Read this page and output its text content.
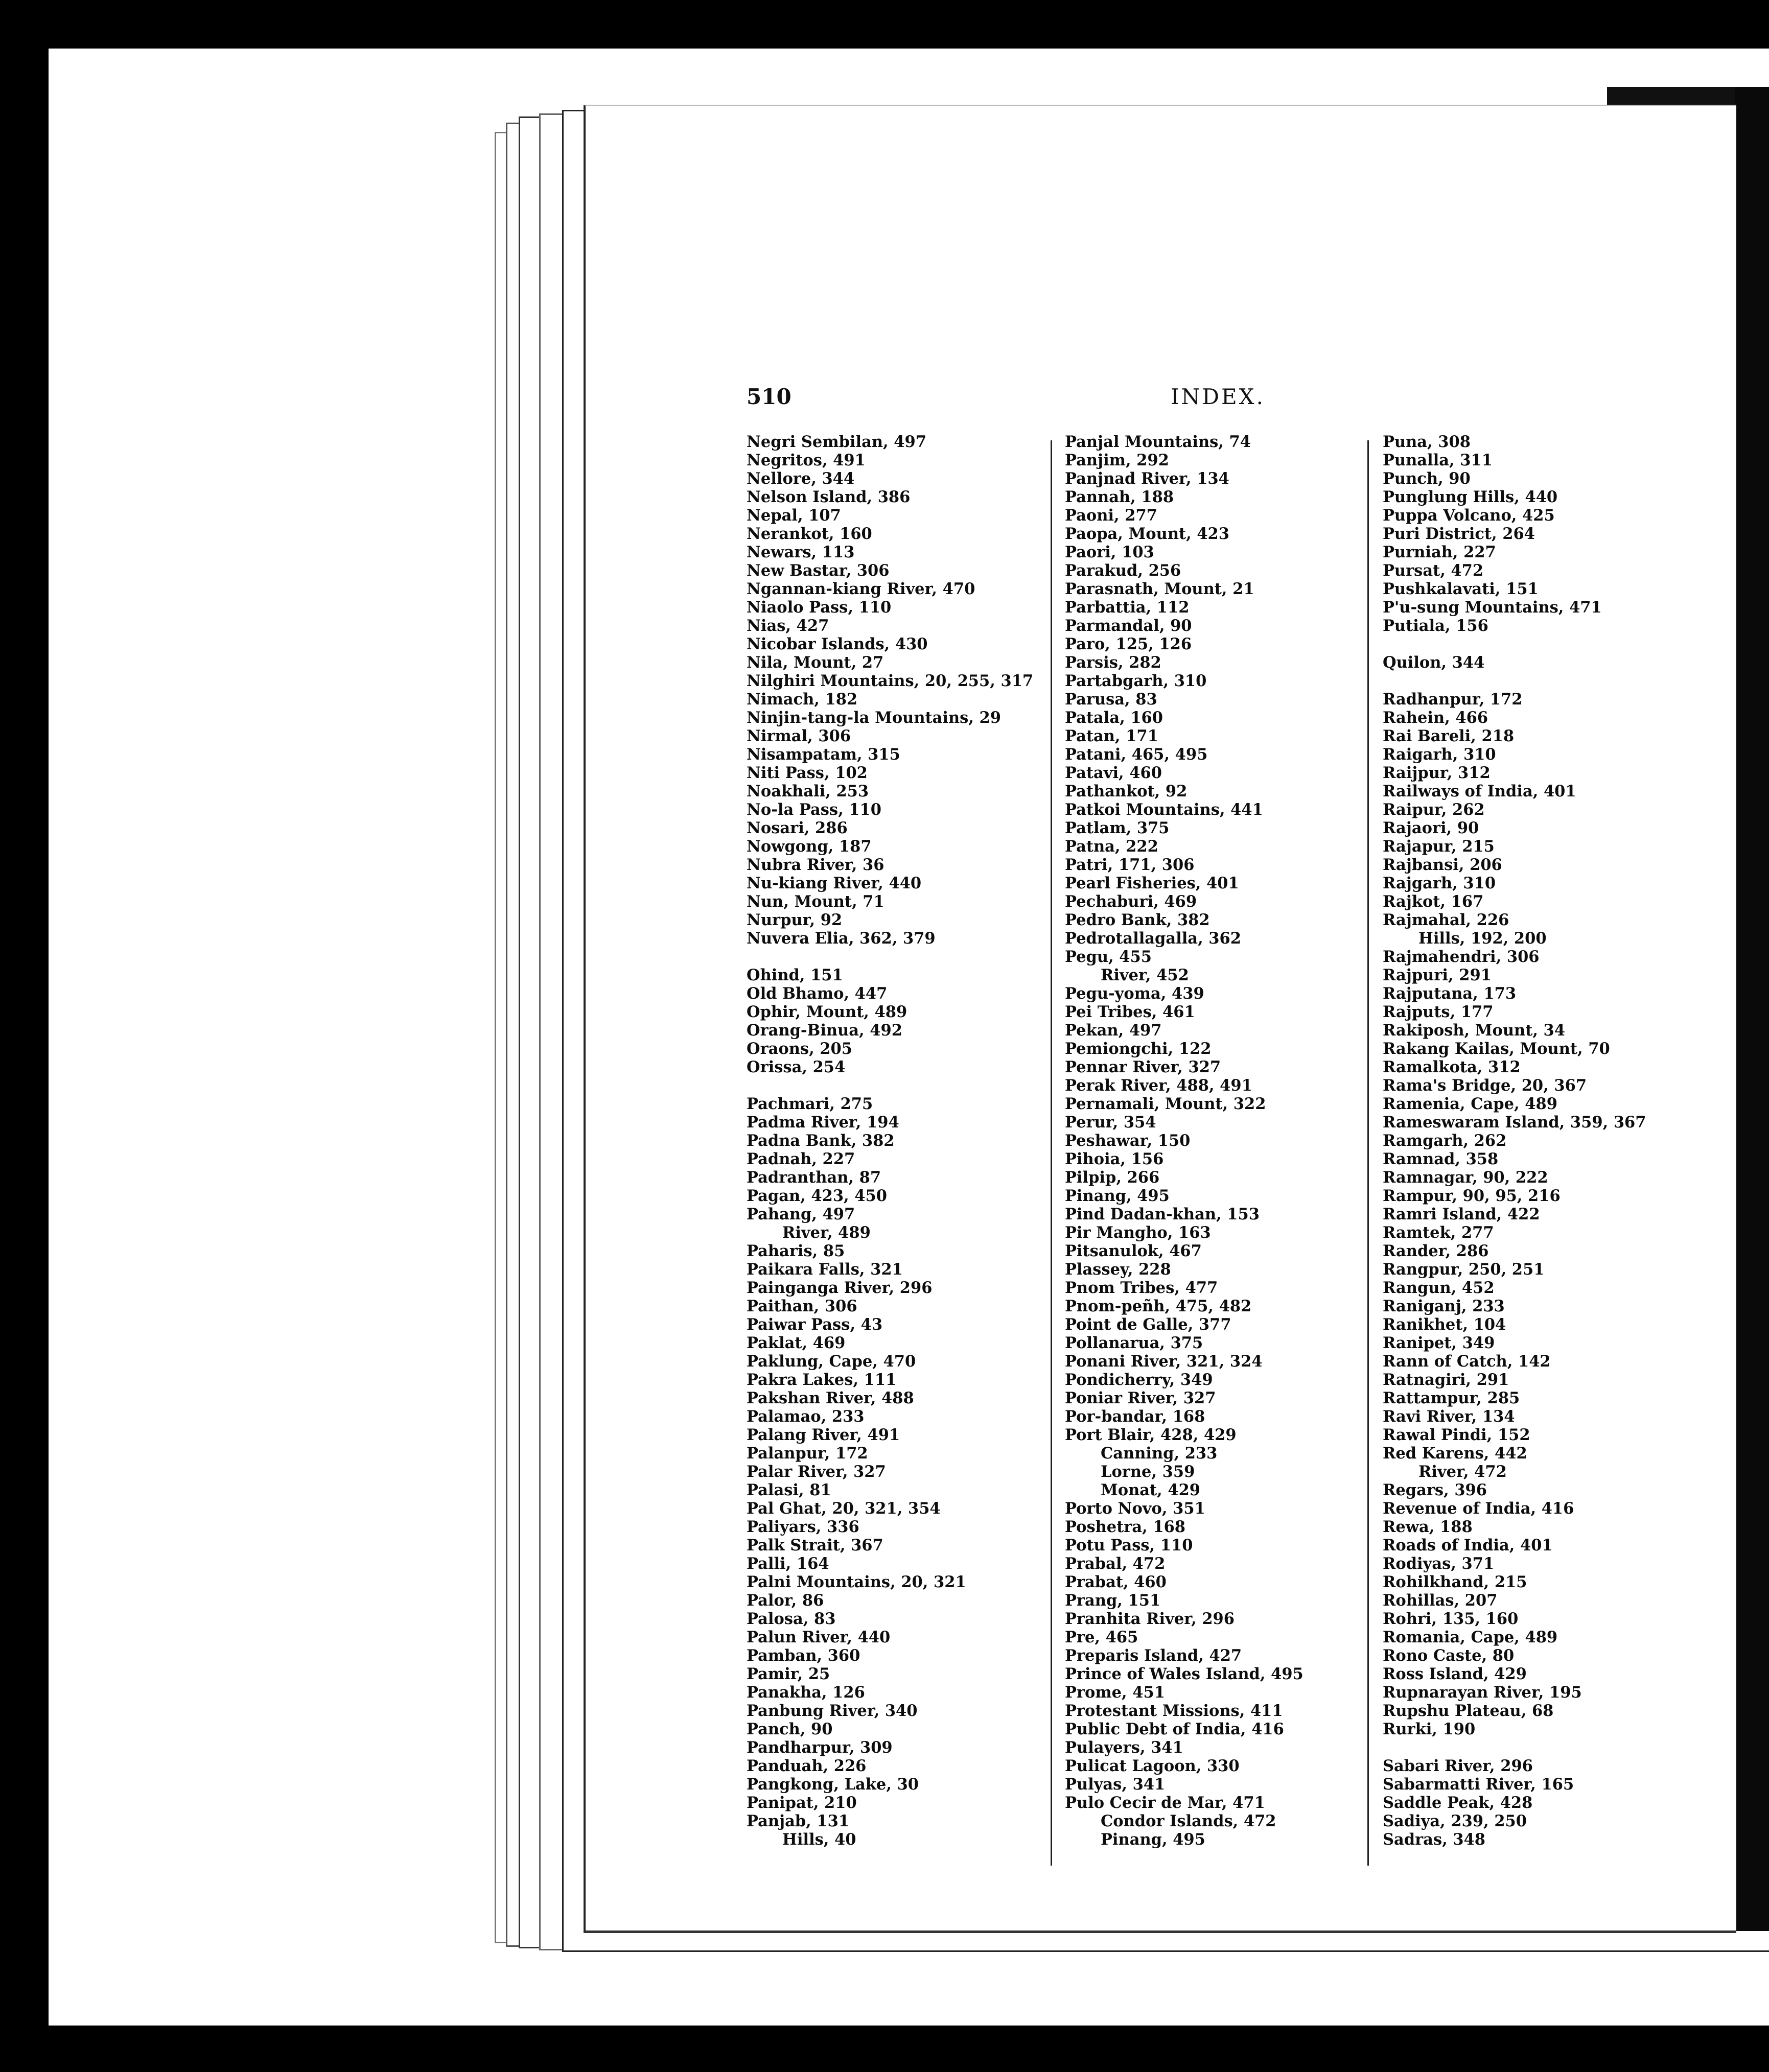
510	INDEX.
Negri Sembilan, 497
Negritos, 491
Nellore, 344
Nelson Island, 386
Nepal, 107
Nerankot, 160
Newars, 113
New Bastar, 306
Ngannan-kiang River, 470
Niaolo Pass, 110
Nias, 427
Nicobar Islands, 430
Nila, Mount, 27
Nilghiri Mountains, 20, 255, 317
Nimach, 182
Ninjin-tang-la Mountains, 29
Nirmal, 306
Nisampatam, 315
Niti Pass, 102
Noakhali, 253
No-la Pass, 110
Nosari, 286
Nowgong, 187
Nubra River, 36
Nu-kiang River, 440
Nun, Mount, 71
Nurpur, 92
Nuvera Elia, 362, 379
Ohind, 151
Old Bhamo, 447
Ophir, Mount, 489
Orang-Binua, 492
Oraons, 205
Orissa, 254
Pachmari, 275
Padma River, 194
Padna Bank, 382
Padnah, 227
Padranthan, 87
Pagan, 423, 450
Pahang, 497
River, 489
Paharis, 85
Paikara Falls, 321
Painganga River, 296
Paithan, 306
Paiwar Pass, 43
Paklat, 469
Paklung, Cape, 470
Pakra Lakes, 111
Pakshan River, 488
Palamao, 233
Palang River, 491
Palanpur, 172
Palar River, 327
Palasi, 81
Pal Ghat, 20, 321, 354
Paliyars, 336
Palk Strait, 367
Palli, 164
Palni Mountains, 20, 321
Palor, 86
Palosa, 83
Palun River, 440
Pamban, 360
Pamir, 25
Panakha, 126
Panbung River, 340
Panch, 90
Pandharpur, 309
Panduah, 226
Pangkong, Lake, 30
Panipat, 210
Panjab, 131
Hills, 40
Panjal Mountains, 74
Panjim, 292
Panjnad River, 134
Pannah, 188
Paoni, 277
Paopa, Mount, 423
Paori, 103
Parakud, 256
Parasnath, Mount, 21
Parbattia, 112
Parmandal, 90
Paro, 125, 126
Parsis, 282
Partabgarh, 310
Parusa, 83
Patala, 160
Patan, 171
Patani, 465, 495
Patavi, 460
Pathankot, 92
Patkoi Mountains, 441
Patlam, 375
Patna, 222
Patri, 171, 306
Pearl Fisheries, 401
Pechaburi, 469
Pedro Bank, 382
Pedrotallagalla, 362
Pegu, 455
River, 452
Pegu-yoma, 439
Pei Tribes, 461
Pekan, 497
Pemiongchi, 122
Pennar River, 327
Perak River, 488, 491
Pernamali, Mount, 322
Perur, 354
Peshawar, 150
Pihoia, 156
Pilpip, 266
Pinang, 495
Pind Dadan-khan, 153
Pir Mangho, 163
Pitsanulok, 467
Plassey, 228
Pnom Tribes, 477
Pnom-peñh, 475, 482
Point de Galle, 377
Pollanarua, 375
Ponani River, 321, 324
Pondicherry, 349
Poniar River, 327
Por-bandar, 168
Port Blair, 428, 429
Canning, 233
Lorne, 359
Monat, 429
Porto Novo, 351
Poshetra, 168
Potu Pass, 110
Prabal, 472
Prabat, 460
Prang, 151
Pranhita River, 296
Pre, 465
Preparis Island, 427
Prince of Wales Island, 495
Prome, 451
Protestant Missions, 411
Public Debt of India, 416
Pulayers, 341
Pulicat Lagoon, 330
Pulyas, 341
Pulo Cecir de Mar, 471
Condor Islands, 472
Pinang, 495
Puna, 308
Punalla, 311
Punch, 90
Punglung Hills, 440
Puppa Volcano, 425
Puri District, 264
Purniah, 227
Pursat, 472
Pushkalavati, 151
P'u-sung Mountains, 471
Putiala, 156
Quilon, 344
Radhanpur, 172
Rahein, 466
Rai Bareli, 218
Raigarh, 310
Raijpur, 312
Railways of India, 401
Raipur, 262
Rajaori, 90
Rajapur, 215
Rajbansi, 206
Rajgarh, 310
Rajkot, 167
Rajmahal, 226
Hills, 192, 200
Rajmahendri, 306
Rajpuri, 291
Rajputana, 173
Rajputs, 177
Rakiposh, Mount, 34
Rakang Kailas, Mount, 70
Ramalkota, 312
Rama's Bridge, 20, 367
Ramenia, Cape, 489
Rameswaram Island, 359, 367
Ramgarh, 262
Ramnad, 358
Ramnagar, 90, 222
Rampur, 90, 95, 216
Ramri Island, 422
Ramtek, 277
Rander, 286
Rangpur, 250, 251
Rangun, 452
Raniganj, 233
Ranikhet, 104
Ranipet, 349
Rann of Catch, 142
Ratnagiri, 291
Rattampur, 285
Ravi River, 134
Rawal Pindi, 152
Red Karens, 442
River, 472
Regars, 396
Revenue of India, 416
Rewa, 188
Roads of India, 401
Rodiyas, 371
Rohilkhand, 215
Rohillas, 207
Rohri, 135, 160
Romania, Cape, 489
Rono Caste, 80
Ross Island, 429
Rupnarayan River, 195
Rupshu Plateau, 68
Rurki, 190
Sabari River, 296
Sabarmatti River, 165
Saddle Peak, 428
Sadiya, 239, 250
Sadras, 348
